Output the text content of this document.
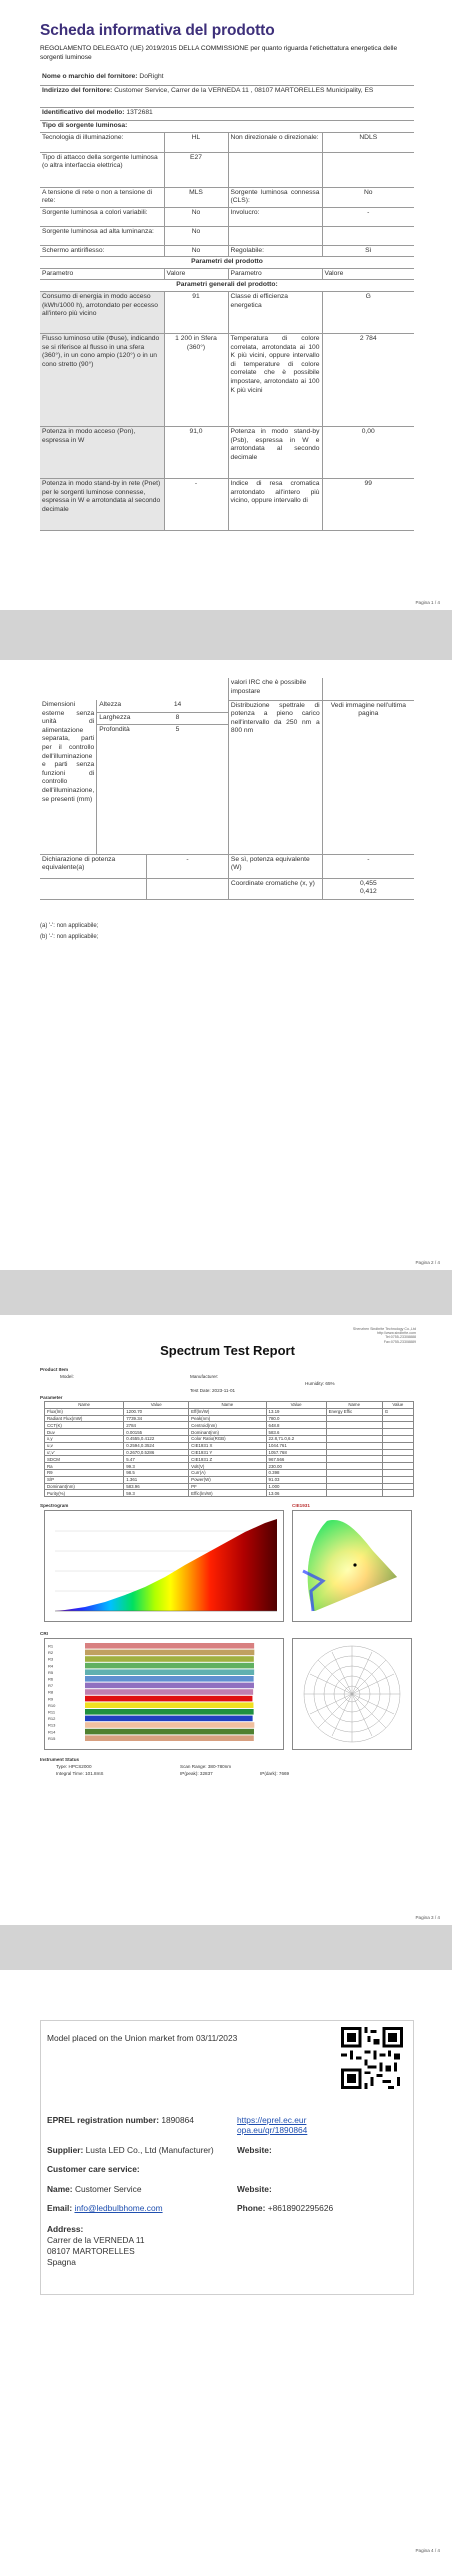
Scheda informativa del prodotto
REGOLAMENTO DELEGATO (UE) 2019/2015 DELLA COMMISSIONE per quanto riguarda l'etichettatura energetica delle sorgenti luminose
Nome o marchio del fornitore: DoRight
Indirizzo del fornitore: Customer Service, Carrer de la VERNEDA 11 , 08107 MARTORELLES Municipality, ES
Identificativo del modello: 13T2681
Tipo di sorgente luminosa:
Tecnologia di illuminazione:	HL	Non direzionale o direzionale:	NDLS
Tipo di attacco della sorgente luminosa (o altra interfaccia elettrica)	E27		
A tensione di rete o non a tensione di rete:	MLS	Sorgente luminosa connessa (CLS):	No
Sorgente luminosa a colori variabili:	No	Involucro:	-
Sorgente luminosa ad alta luminanza:	No		
Schermo antiriflesso:	No	Regolabile:	Sì
Parametri del prodotto			
Parametro	Valore	Parametro	Valore
Parametri generali del prodotto:			
Consumo di energia in modo acceso (kWh/1000 h), arrotondato per eccesso all'intero più vicino	91	Classe di efficienza energetica	G
Flusso luminoso utile (Φuse), indicando se si riferisce al flusso in una sfera (360°), in un cono ampio (120°) o in un cono stretto (90°)	1 200 in Sfera (360°)	Temperatura di colore correlata, arrotondata ai 100 K più vicini, oppure intervallo di temperature di colore correlate che è possibile impostare, arrotondato ai 100 K più vicini	2 784
Potenza in modo acceso (Pon), espressa in W	91,0	Potenza in modo stand-by (Psb), espressa in W e arrotondata al secondo decimale	0,00
Potenza in modo stand-by in rete (Pnet) per le sorgenti luminose connesse, espressa in W e arrotondata al secondo decimale	-	Indice di resa cromatica arrotondato all'intero più vicino, oppure intervallo di	99
Pagina 1 / 4
				valori IRC che è possibile impostare	
Dimensioni esterne senza unità di alimentazione separata, parti per il controllo dell'illuminazione e parti senza funzioni di controllo dell'illuminazione, se presenti (mm)	Altezza	14		Distribuzione spettrale di potenza a pieno carico nell'intervallo da 250 nm a 800 nm	Vedi immagine nell'ultima pagina
	Larghezza	8			
	Profondità	5			
Dichiarazione di potenza equivalente(a)		-		Se sì, potenza equivalente (W)	-
				Coordinate cromatiche (x, y)	0,455
0,412
(a) '-': non applicabile;
(b) '-': non applicabile;
Pagina 2 / 4
Shenzhen Sindbrite Technology Co.,Ltd
http://www.sindbrite.com
Tel:0755-23308888
Fax:0755-23308889
Spectrum Test Report
Product Item
Model:	Manufacturer:
Humidity: 65%
Test Date: 2023-11-01
Parameter
Name	Value	Name	Value	Name	Value
Flux(lm)	1200.70	Eff(lm/W)	13.19	Energy Effic	G
Radiant Flux(mW)	7739.34	Peak(nm)	780.0		
CCT(K)	2784	Centroid(nm)	648.8		
Duv	0.00155	Dominant(nm)	583.6		
x,y	0.4555,0.4122	Color Ratio(RGB)	22.8,71.0,6.2		
u,v	0.2594,0.3524	CIE1931 X	1044.761		
u',v'	0.2670,0.5286	CIE1931 Y	1057.768		
SDCM	5.47	CIE1931 Z	967.566		
Ra	99.3	Volt(V)	230.00		
R9	98.5	Curr(A)	0.398		
S/P	1.361	Power(W)	91.03		
Dominant(nm)	583.96	PF	1.000		
Purity(%)	59.3	Effic(lm/W)	13.06		
Spectrogram	CIE1931
CRI
R1
R2
R3
R4
R5
R6
R7
R8
R9
R10
R11
R12
R13
R14
R15
Instrument Status
Type: HPCS2000	Scan Range: 380-780nm
Integral Time: 101.8mS	IP(peak): 32837	IP(dark): 7669
Pagina 3 / 4
Model placed on the Union market from 03/11/2023
EPREL registration number: 1890864	https://eprel.ec.europa.eu/qr/1890864
Supplier: Lusta LED Co., Ltd (Manufacturer)	Website:
Customer care service:
Name: Customer Service	Website:
Email: info@ledbulbhome.com	Phone: +8618902295626
Address:
Carrer de la VERNEDA 11
08107 MARTORELLES
Spagna
Pagina 4 / 4
